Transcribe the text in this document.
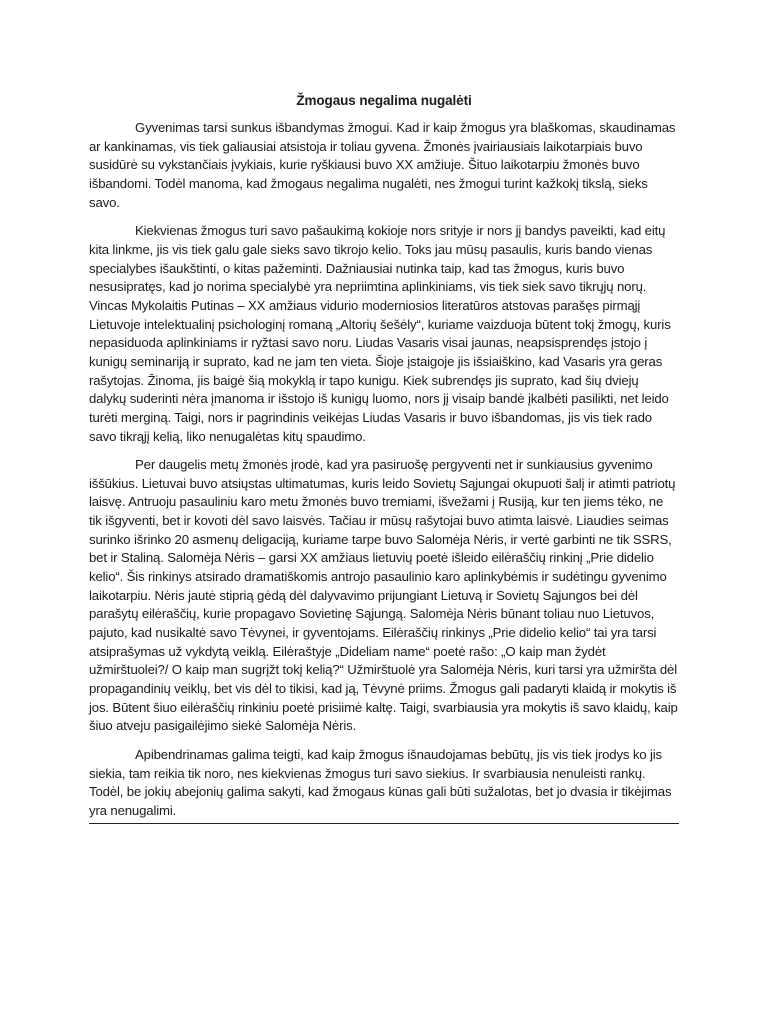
Žmogaus negalima nugalėti

Gyvenimas tarsi sunkus išbandymas žmogui. Kad ir kaip žmogus yra blaškomas, skaudinamas ar kankinamas, vis tiek galiausiai atsistoja ir toliau gyvena. Žmonės įvairiausiais laikotarpiais buvo susidūrė su vykstančiais įvykiais, kurie ryškiausi buvo XX amžiuje. Šituo laikotarpiu žmonės buvo išbandomi. Todėl manoma, kad žmogaus negalima nugalėti, nes žmogui turint kažkokį tikslą, sieks savo.

Kiekvienas žmogus turi savo pašaukimą kokioje nors srityje ir nors jį bandys paveikti, kad eitų kita linkme, jis vis tiek galu gale sieks savo tikrojo kelio. Toks jau mūsų pasaulis, kuris bando vienas specialybes išaukštinti, o kitas pažeminti. Dažniausiai nutinka taip, kad tas žmogus, kuris buvo nesusipratęs, kad jo norima specialybė yra nepriimtina aplinkiniams, vis tiek siek savo tikrųjų norų. Vincas Mykolaitis Putinas – XX amžiaus vidurio moderniosios literatūros atstovas parašęs pirmąjį Lietuvoje intelektualinį psichologinį romaną „Altorių šešėly“, kuriame vaizduoja būtent tokį žmogų, kuris nepasiduoda aplinkiniams ir ryžtasi savo noru. Liudas Vasaris visai jaunas, neapsisprendęs įstojo į kunigų seminariją ir suprato, kad ne jam ten vieta. Šioje įstaigoje jis išsiaiškino, kad Vasaris yra geras rašytojas. Žinoma, jis baigė šią mokyklą ir tapo kunigu. Kiek subrendęs jis suprato, kad šių dviejų dalykų suderinti nėra įmanoma ir išstojo iš kunigų luomo, nors jį visaip bandė įkalbėti pasilikti, net leido turėti merginą. Taigi, nors ir pagrindinis veikėjas Liudas Vasaris ir buvo išbandomas, jis vis tiek rado savo tikrąjį kelią, liko nenugalėtas kitų spaudimo.

Per daugelis metų žmonės įrodė, kad yra pasiruošę pergyventi net ir sunkiausius gyvenimo iššūkius. Lietuvai buvo atsiųstas ultimatumas, kuris leido Sovietų Sąjungai okupuoti šalį ir atimti patriotų laisvę. Antruoju pasauliniu karo metu žmonės buvo tremiami, išvežami į Rusiją, kur ten jiems tėko, ne tik išgyventi, bet ir kovoti dėl savo laisvės. Tačiau ir mūsų rašytojai buvo atimta laisvė. Liaudies seimas surinko išrinko 20 asmenų deligaciją, kuriame tarpe buvo Salomėja Nėris, ir vertė garbinti ne tik SSRS, bet ir Staliną. Salomėja Nėris – garsi XX amžiaus lietuvių poetė išleido eilėraščių rinkinį „Prie didelio kelio“. Šis rinkinys atsirado dramatiškomis antrojo pasaulinio karo aplinkybėmis ir sudėtingu gyvenimo laikotarpiu. Nėris jautė stiprią gėdą dėl dalyvavimo prijungiant Lietuvą ir Sovietų Sąjungos bei dėl parašytų eilėraščių, kurie propagavo Sovietinę Sąjungą. Salomėja Nėris būnant toliau nuo Lietuvos, pajuto, kad nusikaltė savo Tėvynei, ir gyventojams. Eilėraščių rinkinys „Prie didelio kelio“ tai yra tarsi atsiprašymas už vykdytą veiklą. Eilėraštyje „Dideliam name“ poetė rašo: „O kaip man žydėt užmirštuolei?/ O kaip man sugrįžt tokį kelią?“ Užmirštuolė yra Salomėja Nėris, kuri tarsi yra užmiršta dėl propagandinių veiklų, bet vis dėl to tikisi, kad ją, Tėvynė priims. Žmogus gali padaryti klaidą ir mokytis iš jos. Būtent šiuo eilėraščių rinkiniu poetė prisiimė kaltę. Taigi, svarbiausia yra mokytis iš savo klaidų, kaip šiuo atveju pasigailėjimo siekė Salomėja Nėris.

Apibendrinamas galima teigti, kad kaip žmogus išnaudojamas bebūtų, jis vis tiek įrodys ko jis siekia, tam reikia tik noro, nes kiekvienas žmogus turi savo siekius. Ir svarbiausia nenuleisti rankų. Todėl, be jokių abejonių galima sakyti, kad žmogaus kūnas gali būti sužalotas, bet jo dvasia ir tikėjimas yra nenugalimi.
